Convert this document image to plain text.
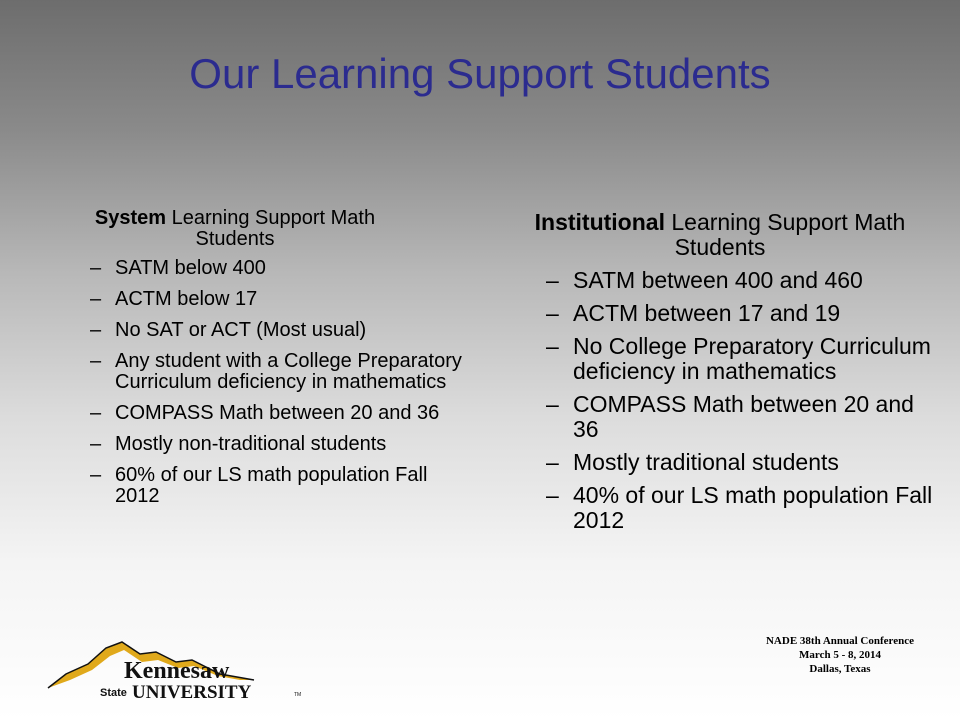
Our Learning Support Students
System Learning Support Math Students
– SATM below 400
– ACTM below 17
– No SAT or ACT (Most usual)
– Any student with a College Preparatory Curriculum deficiency in mathematics
– COMPASS Math between 20 and 36
– Mostly non-traditional students
– 60% of our LS math population Fall 2012
Institutional Learning Support Math Students
– SATM between 400 and 460
– ACTM between 17 and 19
– No College Preparatory Curriculum deficiency in mathematics
– COMPASS Math between 20 and 36
– Mostly traditional students
– 40% of our LS math population Fall 2012
NADE 38th Annual Conference
March 5 - 8, 2014
Dallas, Texas
Kennesaw
State UNIVERSITY	TM
